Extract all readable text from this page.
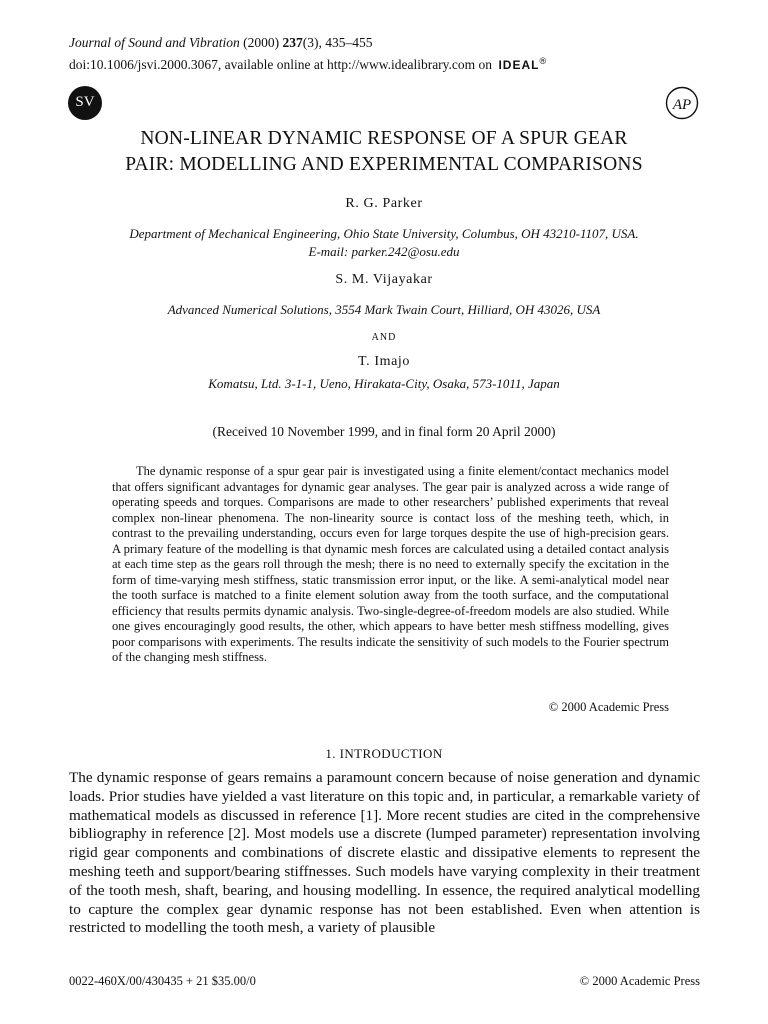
Journal of Sound and Vibration (2000) 237(3), 435–455
doi:10.1006/jsvi.2000.3067, available online at http://www.idealibrary.com on IDEAL®
SV	AP
NON-LINEAR DYNAMIC RESPONSE OF A SPUR GEAR
PAIR: MODELLING AND EXPERIMENTAL COMPARISONS
R. G. Parker
Department of Mechanical Engineering, Ohio State University, Columbus, OH 43210-1107, USA.
E-mail: parker.242@osu.edu
S. M. Vijayakar
Advanced Numerical Solutions, 3554 Mark Twain Court, Hilliard, OH 43026, USA
AND
T. Imajo
Komatsu, Ltd. 3-1-1, Ueno, Hirakata-City, Osaka, 573-1011, Japan
(Received 10 November 1999, and in final form 20 April 2000)

The dynamic response of a spur gear pair is investigated using a finite element/contact mechanics model that offers significant advantages for dynamic gear analyses. The gear pair is analyzed across a wide range of operating speeds and torques. Comparisons are made to other researchers’ published experiments that reveal complex non-linear phenomena. The non-linearity source is contact loss of the meshing teeth, which, in contrast to the prevailing understanding, occurs even for large torques despite the use of high-precision gears. A primary feature of the modelling is that dynamic mesh forces are calculated using a detailed contact analysis at each time step as the gears roll through the mesh; there is no need to externally specify the excitation in the form of time-varying mesh stiffness, static transmission error input, or the like. A semi-analytical model near the tooth surface is matched to a finite element solution away from the tooth surface, and the computational efficiency that results permits dynamic analysis. Two-single-degree-of-freedom models are also studied. While one gives encouragingly good results, the other, which appears to have better mesh stiffness modelling, gives poor comparisons with experiments. The results indicate the sensitivity of such models to the Fourier spectrum of the changing mesh stiffness.

© 2000 Academic Press
1. INTRODUCTION

The dynamic response of gears remains a paramount concern because of noise generation and dynamic loads. Prior studies have yielded a vast literature on this topic and, in particular, a remarkable variety of mathematical models as discussed in reference [1]. More recent studies are cited in the comprehensive bibliography in reference [2]. Most models use a discrete (lumped parameter) representation involving rigid gear components and combinations of discrete elastic and dissipative elements to represent the meshing teeth and support/bearing stiffnesses. Such models have varying complexity in their treatment of the tooth mesh, shaft, bearing, and housing modelling. In essence, the required analytical modelling to capture the complex gear dynamic response has not been established. Even when attention is restricted to modelling the tooth mesh, a variety of plausible

0022-460X/00/430435 + 21 $35.00/0	© 2000 Academic Press
